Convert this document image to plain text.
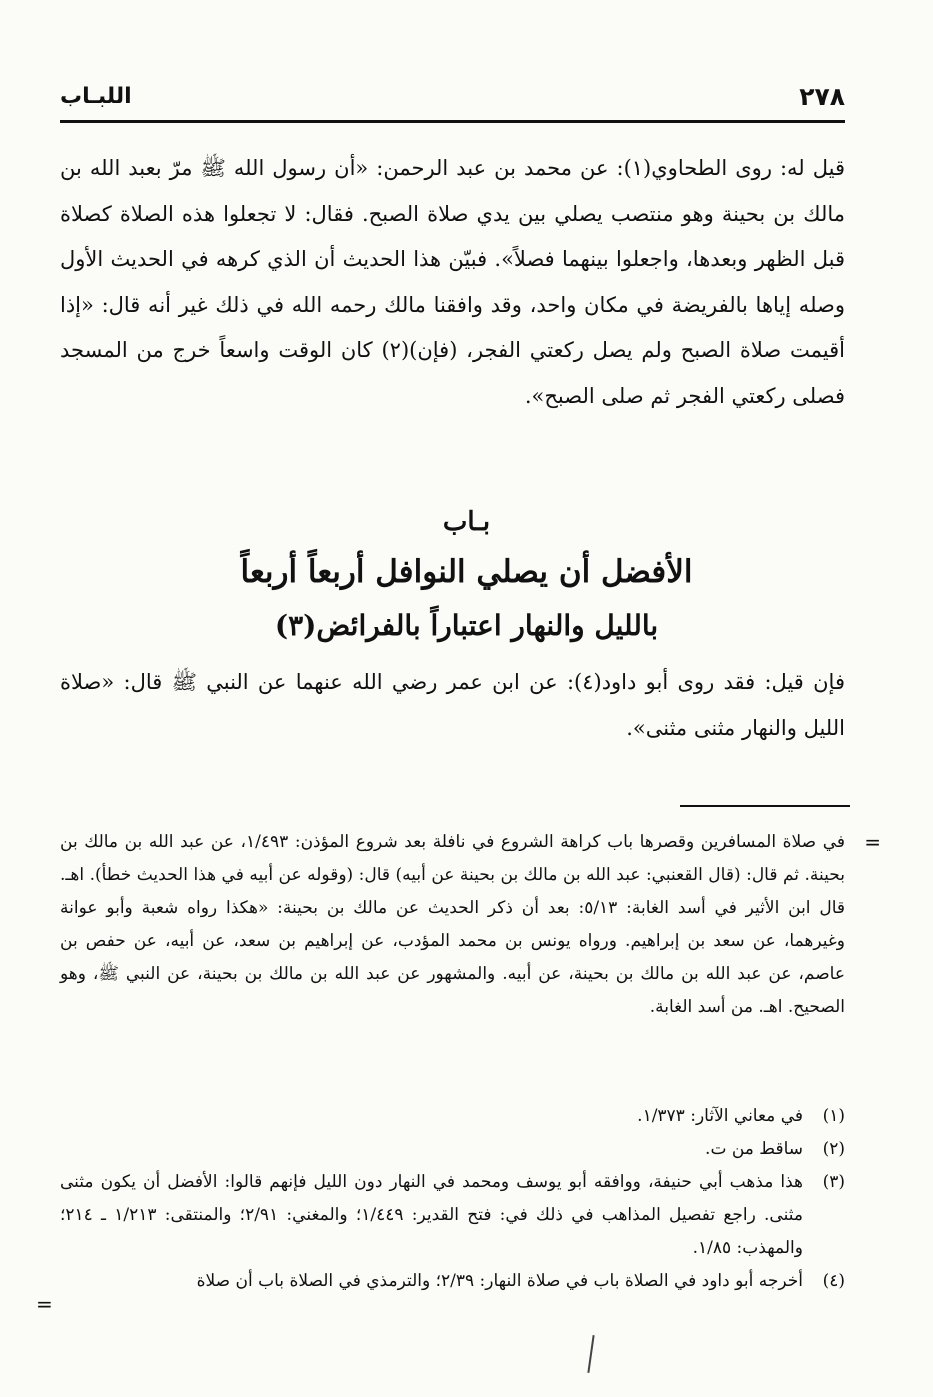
٢٧٨
اللبـاب
قيل له: روى الطحاوي(١): عن محمد بن عبد الرحمن: «أن رسول الله ﷺ مرّ بعبد الله بن مالك بن بحينة وهو منتصب يصلي بين يدي صلاة الصبح. فقال: لا تجعلوا هذه الصلاة كصلاة قبل الظهر وبعدها، واجعلوا بينهما فصلاً». فبيّن هذا الحديث أن الذي كرهه في الحديث الأول وصله إياها بالفريضة في مكان واحد، وقد وافقنا مالك رحمه الله في ذلك غير أنه قال: «إذا أقيمت صلاة الصبح ولم يصل ركعتي الفجر، (فإن)(٢) كان الوقت واسعاً خرج من المسجد فصلى ركعتي الفجر ثم صلى الصبح».
بـاب
الأفضل أن يصلي النوافل أربعاً أربعاً
بالليل والنهار اعتباراً بالفرائض(٣)
فإن قيل: فقد روى أبو داود(٤): عن ابن عمر رضي الله عنهما عن النبي ﷺ قال: «صلاة الليل والنهار مثنى مثنى».
=
في صلاة المسافرين وقصرها باب كراهة الشروع في نافلة بعد شروع المؤذن: ١/٤٩٣، عن عبد الله بن مالك بن بحينة. ثم قال: (قال القعنبي: عبد الله بن مالك بن بحينة عن أبيه) قال: (وقوله عن أبيه في هذا الحديث خطأ). اهـ. قال ابن الأثير في أسد الغابة: ٥/١٣: بعد أن ذكر الحديث عن مالك بن بحينة: «هكذا رواه شعبة وأبو عوانة وغيرهما، عن سعد بن إبراهيم. ورواه يونس بن محمد المؤدب، عن إبراهيم بن سعد، عن أبيه، عن حفص بن عاصم، عن عبد الله بن مالك بن بحينة، عن أبيه. والمشهور عن عبد الله بن مالك بن بحينة، عن النبي ﷺ، وهو الصحيح. اهـ. من أسد الغابة.
(١)
في معاني الآثار: ١/٣٧٣.
(٢)
ساقط من ت.
(٣)
هذا مذهب أبي حنيفة، ووافقه أبو يوسف ومحمد في النهار دون الليل فإنهم قالوا: الأفضل أن يكون مثنى مثنى. راجع تفصيل المذاهب في ذلك في: فتح القدير: ١/٤٤٩؛ والمغني: ٢/٩١؛ والمنتقى: ١/٢١٣ ـ ٢١٤؛ والمهذب: ١/٨٥.
(٤)
أخرجه أبو داود في الصلاة باب في صلاة النهار: ٢/٣٩؛ والترمذي في الصلاة باب أن صلاة
=
